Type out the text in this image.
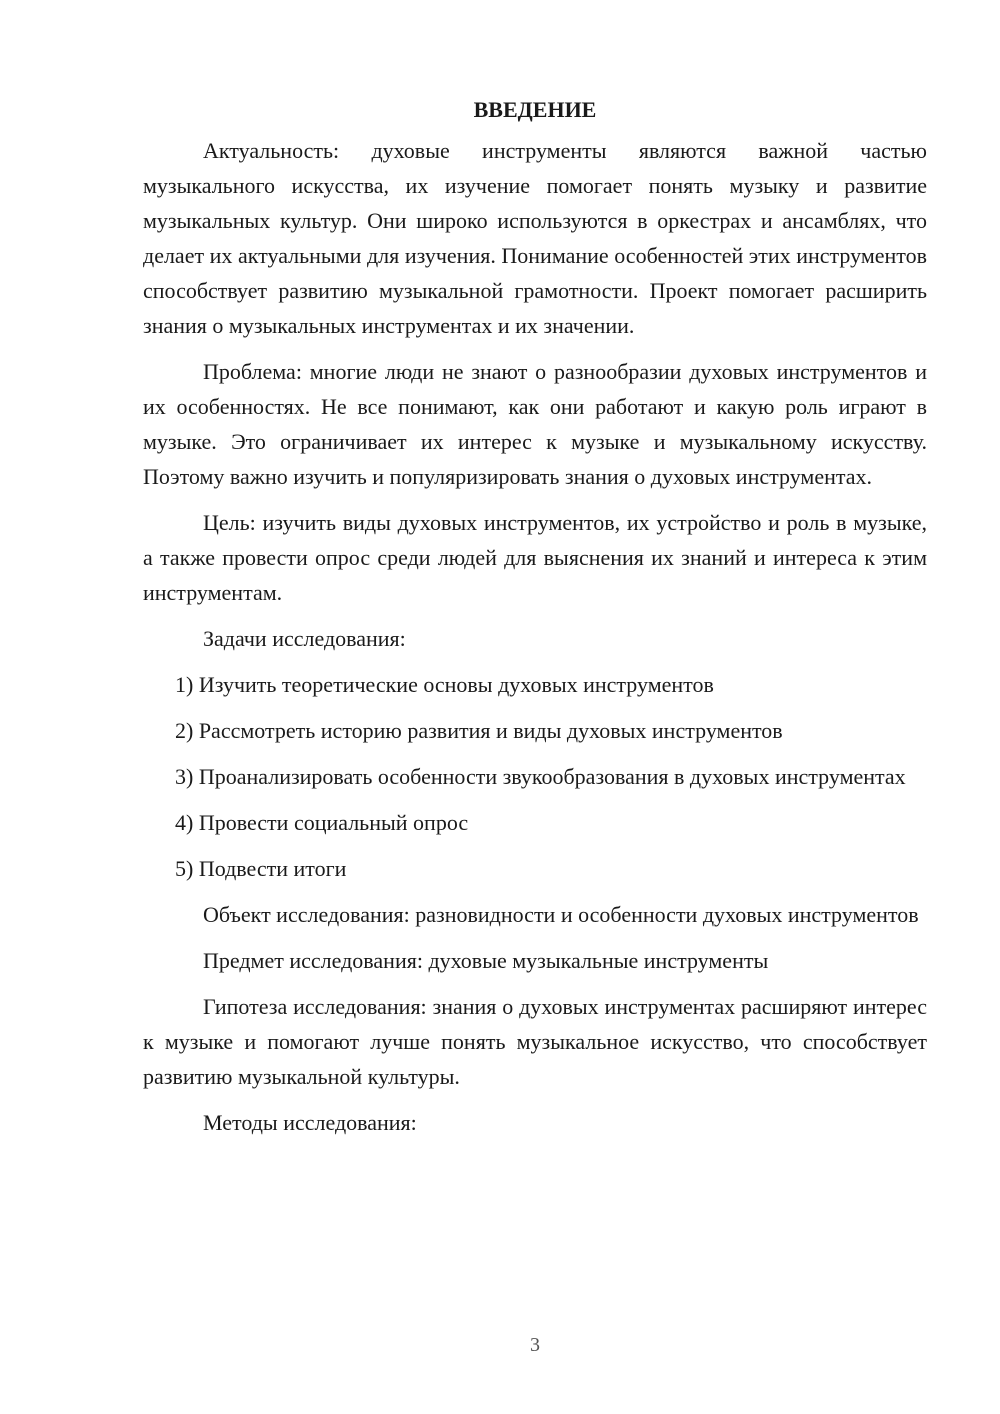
ВВЕДЕНИЕ

Актуальность: духовые инструменты являются важной частью музыкального искусства, их изучение помогает понять музыку и развитие музыкальных культур. Они широко используются в оркестрах и ансамблях, что делает их актуальными для изучения. Понимание особенностей этих инструментов способствует развитию музыкальной грамотности. Проект помогает расширить знания о музыкальных инструментах и их значении.

Проблема: многие люди не знают о разнообразии духовых инструментов и их особенностях. Не все понимают, как они работают и какую роль играют в музыке. Это ограничивает их интерес к музыке и музыкальному искусству. Поэтому важно изучить и популяризировать знания о духовых инструментах.

Цель: изучить виды духовых инструментов, их устройство и роль в музыке, а также провести опрос среди людей для выяснения их знаний и интереса к этим инструментам.

Задачи исследования:

1) Изучить теоретические основы духовых инструментов

2) Рассмотреть историю развития и виды духовых инструментов

3) Проанализировать особенности звукообразования в духовых инструментах

4) Провести социальный опрос

5) Подвести итоги

Объект исследования: разновидности и особенности духовых инструментов

Предмет исследования: духовые музыкальные инструменты

Гипотеза исследования: знания о духовых инструментах расширяют интерес к музыке и помогают лучше понять музыкальное искусство, что способствует развитию музыкальной культуры.

Методы исследования:

3
